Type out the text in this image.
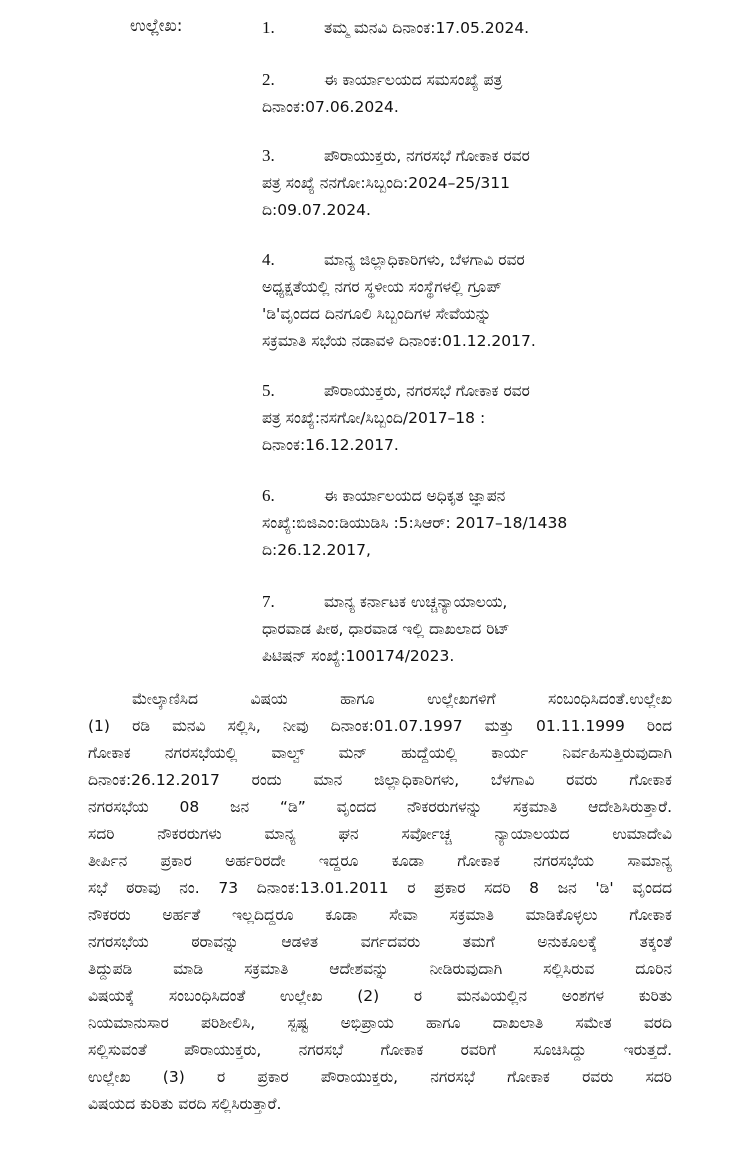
ಉಲ್ಲೇಖ:	1.	ತಮ್ಮ ಮನವಿ ದಿನಾಂಕ:17.05.2024.
2.	ಈ ಕಾರ್ಯಾಲಯದ ಸಮಸಂಖ್ಯೆ ಪತ್ರ
ದಿನಾಂಕ:07.06.2024.
3.	ಪೌರಾಯುಕ್ತರು, ನಗರಸಭೆ ಗೋಕಾಕ ರವರ
ಪತ್ರ ಸಂಖ್ಯೆ ನನಗೋ:ಸಿಬ್ಬಂದಿ:2024–25/311
ದಿ:09.07.2024.
4.	ಮಾನ್ಯ ಜಿಲ್ಲಾಧಿಕಾರಿಗಳು, ಬೆಳಗಾವಿ ರವರ
ಅಧ್ಯಕ್ಷತೆಯಲ್ಲಿ ನಗರ ಸ್ಥಳೀಯ ಸಂಸ್ಥೆಗಳಲ್ಲಿ ಗ್ರೂಪ್
'ಡಿ'ವೃಂದದ ದಿನಗೂಲಿ ಸಿಬ್ಬಂದಿಗಳ ಸೇವೆಯನ್ನು
ಸಕ್ರಮಾತಿ ಸಭೆಯ ನಡಾವಳಿ ದಿನಾಂಕ:01.12.2017.
5.	ಪೌರಾಯುಕ್ತರು, ನಗರಸಭೆ ಗೋಕಾಕ ರವರ
ಪತ್ರ ಸಂಖ್ಯೆ:ನಸಗೋ/ಸಿಬ್ಬಂದಿ/2017–18 :
ದಿನಾಂಕ:16.12.2017.
6.	ಈ ಕಾರ್ಯಾಲಯದ ಅಧಿಕೃತ ಜ್ಞಾಪನ
ಸಂಖ್ಯೆ:ಬಿಜಿಎಂ:ಡಿಯುಡಿಸಿ :5:ಸಿಆರ್: 2017–18/1438
ದಿ:26.12.2017,
7.	ಮಾನ್ಯ ಕರ್ನಾಟಕ ಉಚ್ಚನ್ಯಾಯಾಲಯ,
ಧಾರವಾಡ ಪೀಠ, ಧಾರವಾಡ ಇಲ್ಲಿ ದಾಖಲಾದ ರಿಟ್
ಪಿಟಿಷನ್ ಸಂಖ್ಯೆ:100174/2023.
ಮೇಲ್ಕಾಣಿಸಿದ ವಿಷಯ ಹಾಗೂ ಉಲ್ಲೇಖಗಳಿಗೆ ಸಂಬಂಧಿಸಿದಂತೆ.ಉಲ್ಲೇಖ
(1) ರಡಿ ಮನವಿ ಸಲ್ಲಿಸಿ, ನೀವು ದಿನಾಂಕ:01.07.1997 ಮತ್ತು 01.11.1999 ರಿಂದ
ಗೋಕಾಕ ನಗರಸಭೆಯಲ್ಲಿ ವಾಲ್ವ್ ಮನ್ ಹುದ್ದೆಯಲ್ಲಿ ಕಾರ್ಯ ನಿರ್ವಹಿಸುತ್ತಿರುವುದಾಗಿ
ದಿನಾಂಕ:26.12.2017 ರಂದು ಮಾನ ಜಿಲ್ಲಾಧಿಕಾರಿಗಳು, ಬೆಳಗಾವಿ ರವರು ಗೋಕಾಕ
ನಗರಸಭೆಯ 08 ಜನ “ಡಿ” ವೃಂದದ ನೌಕರರುಗಳನ್ನು ಸಕ್ರಮಾತಿ ಆದೇಶಿಸಿರುತ್ತಾರೆ.
ಸದರಿ ನೌಕರರುಗಳು ಮಾನ್ಯ ಘನ ಸರ್ವೋಚ್ಚ ನ್ಯಾಯಾಲಯದ ಉಮಾದೇವಿ
ತೀರ್ಪಿನ ಪ್ರಕಾರ ಅರ್ಹರಿರದೇ ಇದ್ದರೂ ಕೂಡಾ ಗೋಕಾಕ ನಗರಸಭೆಯ ಸಾಮಾನ್ಯ
ಸಭೆ ಠರಾವು ನಂ. 73 ದಿನಾಂಕ:13.01.2011 ರ ಪ್ರಕಾರ ಸದರಿ 8 ಜನ 'ಡಿ' ವೃಂದದ
ನೌಕರರು ಅರ್ಹತೆ ಇಲ್ಲದಿದ್ದರೂ ಕೂಡಾ ಸೇವಾ ಸಕ್ರಮಾತಿ ಮಾಡಿಕೊಳ್ಳಲು ಗೋಕಾಕ
ನಗರಸಭೆಯ ಠರಾವನ್ನು ಆಡಳಿತ ವರ್ಗದವರು ತಮಗೆ ಅನುಕೂಲಕ್ಕೆ ತಕ್ಕಂತೆ
ತಿದ್ದುಪಡಿ ಮಾಡಿ ಸಕ್ರಮಾತಿ ಆದೇಶವನ್ನು ನೀಡಿರುವುದಾಗಿ ಸಲ್ಲಿಸಿರುವ ದೂರಿನ
ವಿಷಯಕ್ಕೆ ಸಂಬಂಧಿಸಿದಂತೆ ಉಲ್ಲೇಖ (2) ರ ಮನವಿಯಲ್ಲಿನ ಅಂಶಗಳ ಕುರಿತು
ನಿಯಮಾನುಸಾರ ಪರಿಶೀಲಿಸಿ, ಸ್ಪಷ್ಟ ಅಭಿಪ್ರಾಯ ಹಾಗೂ ದಾಖಲಾತಿ ಸಮೇತ ವರದಿ
ಸಲ್ಲಿಸುವಂತೆ ಪೌರಾಯುಕ್ತರು, ನಗರಸಭೆ ಗೋಕಾಕ ರವರಿಗೆ ಸೂಚಿಸಿದ್ದು ಇರುತ್ತದೆ.
ಉಲ್ಲೇಖ (3) ರ ಪ್ರಕಾರ ಪೌರಾಯುಕ್ತರು, ನಗರಸಭೆ ಗೋಕಾಕ ರವರು ಸದರಿ
ವಿಷಯದ ಕುರಿತು ವರದಿ ಸಲ್ಲಿಸಿರುತ್ತಾರೆ.
